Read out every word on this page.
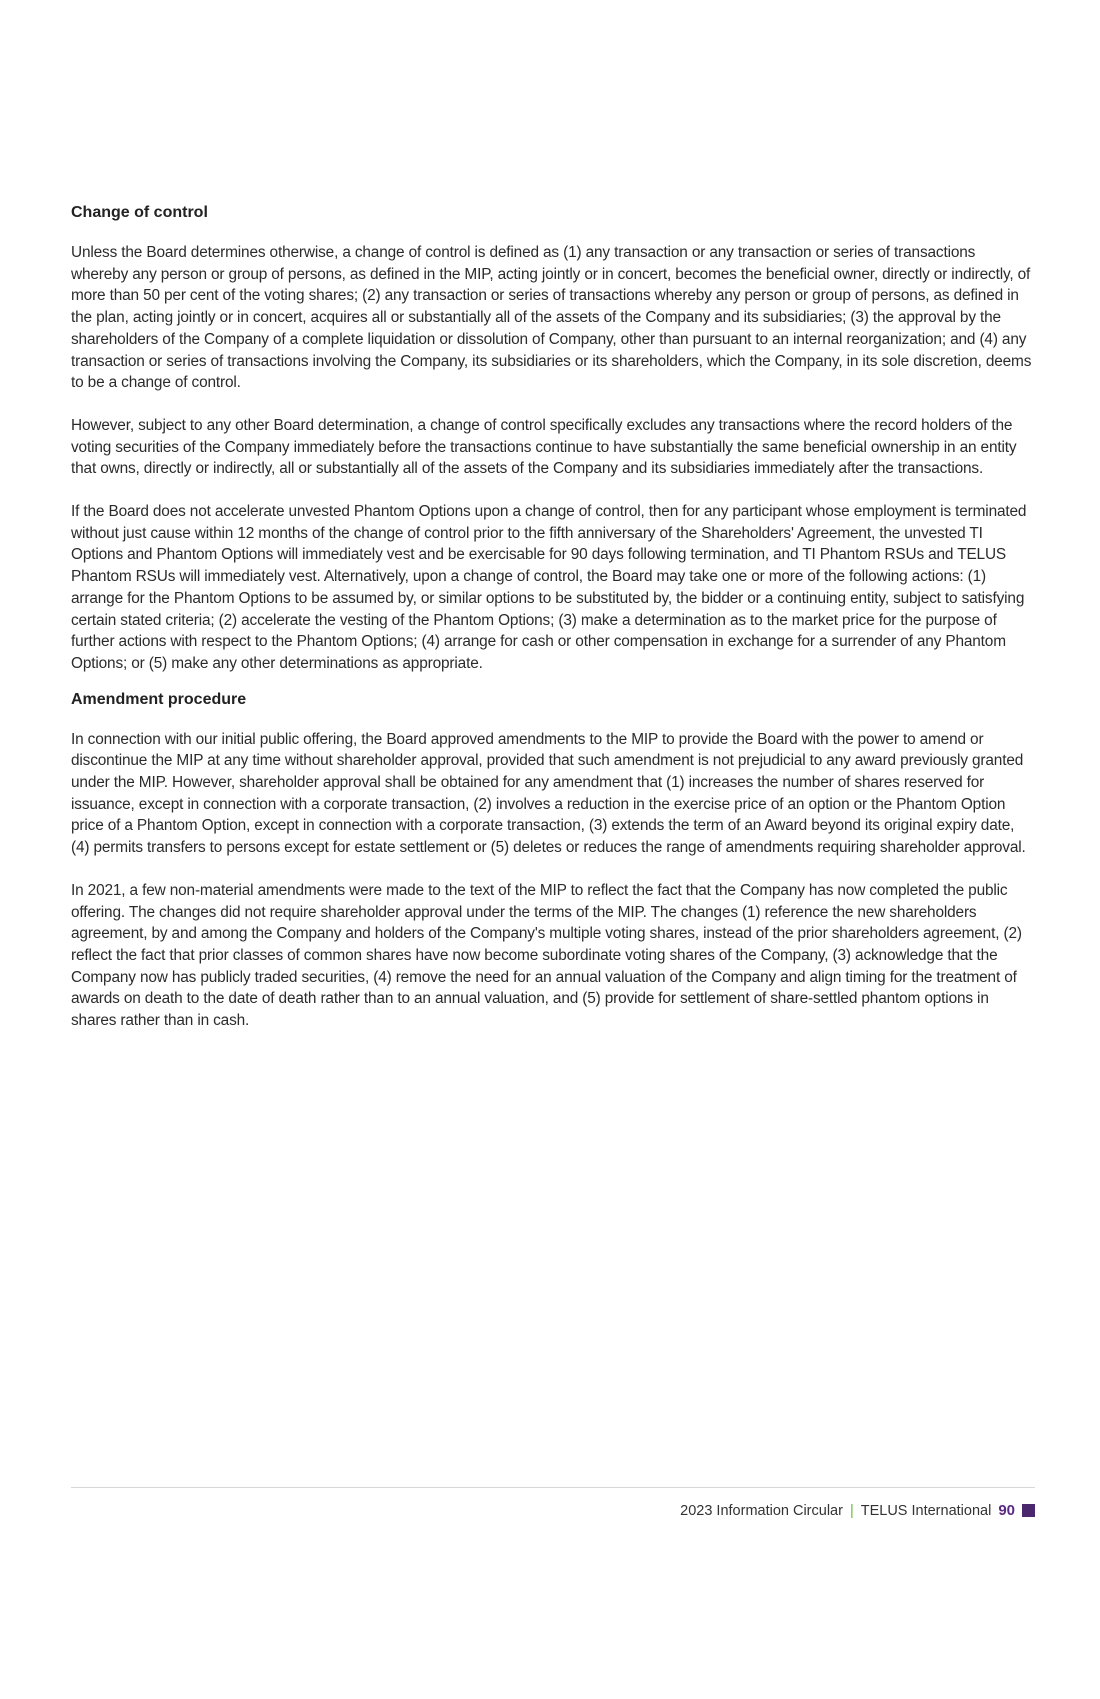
Change of control

Unless the Board determines otherwise, a change of control is defined as (1) any transaction or any transaction or series of transactions whereby any person or group of persons, as defined in the MIP, acting jointly or in concert, becomes the beneficial owner, directly or indirectly, of more than 50 per cent of the voting shares; (2) any transaction or series of transactions whereby any person or group of persons, as defined in the plan, acting jointly or in concert, acquires all or substantially all of the assets of the Company and its subsidiaries; (3) the approval by the shareholders of the Company of a complete liquidation or dissolution of Company, other than pursuant to an internal reorganization; and (4) any transaction or series of transactions involving the Company, its subsidiaries or its shareholders, which the Company, in its sole discretion, deems to be a change of control.

However, subject to any other Board determination, a change of control specifically excludes any transactions where the record holders of the voting securities of the Company immediately before the transactions continue to have substantially the same beneficial ownership in an entity that owns, directly or indirectly, all or substantially all of the assets of the Company and its subsidiaries immediately after the transactions.

If the Board does not accelerate unvested Phantom Options upon a change of control, then for any participant whose employment is terminated without just cause within 12 months of the change of control prior to the fifth anniversary of the Shareholders' Agreement, the unvested TI Options and Phantom Options will immediately vest and be exercisable for 90 days following termination, and TI Phantom RSUs and TELUS Phantom RSUs will immediately vest. Alternatively, upon a change of control, the Board may take one or more of the following actions: (1) arrange for the Phantom Options to be assumed by, or similar options to be substituted by, the bidder or a continuing entity, subject to satisfying certain stated criteria; (2) accelerate the vesting of the Phantom Options; (3) make a determination as to the market price for the purpose of further actions with respect to the Phantom Options; (4) arrange for cash or other compensation in exchange for a surrender of any Phantom Options; or (5) make any other determinations as appropriate.

Amendment procedure

In connection with our initial public offering, the Board approved amendments to the MIP to provide the Board with the power to amend or discontinue the MIP at any time without shareholder approval, provided that such amendment is not prejudicial to any award previously granted under the MIP. However, shareholder approval shall be obtained for any amendment that (1) increases the number of shares reserved for issuance, except in connection with a corporate transaction, (2) involves a reduction in the exercise price of an option or the Phantom Option price of a Phantom Option, except in connection with a corporate transaction, (3) extends the term of an Award beyond its original expiry date, (4) permits transfers to persons except for estate settlement or (5) deletes or reduces the range of amendments requiring shareholder approval.

In 2021, a few non-material amendments were made to the text of the MIP to reflect the fact that the Company has now completed the public offering. The changes did not require shareholder approval under the terms of the MIP. The changes (1) reference the new shareholders agreement, by and among the Company and holders of the Company's multiple voting shares, instead of the prior shareholders agreement, (2) reflect the fact that prior classes of common shares have now become subordinate voting shares of the Company, (3) acknowledge that the Company now has publicly traded securities, (4) remove the need for an annual valuation of the Company and align timing for the treatment of awards on death to the date of death rather than to an annual valuation, and (5) provide for settlement of share-settled phantom options in shares rather than in cash.

2023 Information Circular | TELUS International 90
